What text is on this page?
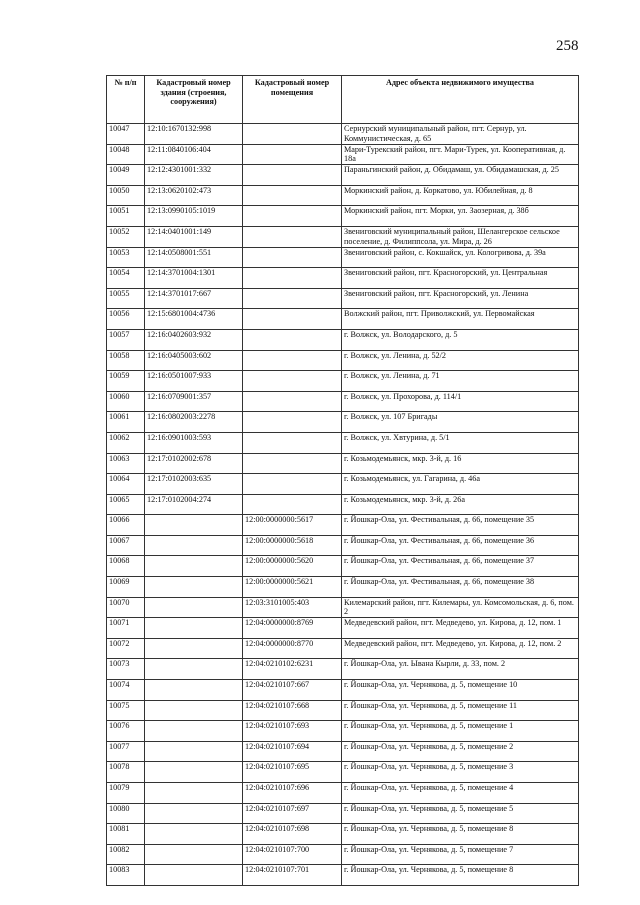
258
№ п/п	Кадастровый номер здания (строения, сооружения)	Кадастровый номер помещения	Адрес объекта недвижимого имущества
10047	12:10:1670132:998		Сернурский муниципальный район, пгт. Сернур, ул. Коммунистическая, д. 65
10048	12:11:0840106:404		Мари-Турекский район, пгт. Мари-Турек, ул. Кооперативная, д. 18а
10049	12:12:4301001:332		Параньгинский район, д. Обидамаш, ул. Обидамашская, д. 25
10050	12:13:0620102:473		Моркинский район, д. Коркатово, ул. Юбилейная, д. 8
10051	12:13:0990105:1019		Моркинский район, пгт. Морки, ул. Заозерная, д. 38б
10052	12:14:0401001:149		Звениговский муниципальный район, Шелангерское сельское поселение, д. Филиппсола, ул. Мира, д. 26
10053	12:14:0508001:551		Звениговский район, с. Кокшайск, ул. Кологривова, д. 39а
10054	12:14:3701004:1301		Звениговский район, пгт. Красногорский, ул. Центральная
10055	12:14:3701017:667		Звениговский район, пгт. Красногорский, ул. Ленина
10056	12:15:6801004:4736		Волжский район, пгт. Приволжский, ул. Первомайская
10057	12:16:0402603:932		г. Волжск, ул. Володарского, д. 5
10058	12:16:0405003:602		г. Волжск, ул. Ленина, д. 52/2
10059	12:16:0501007:933		г. Волжск, ул. Ленина, д. 71
10060	12:16:0709001:357		г. Волжск, ул. Прохорова, д. 114/1
10061	12:16:0802003:2278		г. Волжск, ул. 107 Бригады
10062	12:16:0901003:593		г. Волжск, ул. Хвтурина, д. 5/1
10063	12:17:0102002:678		г. Козьмодемьянск, мкр. 3-й, д. 16
10064	12:17:0102003:635		г. Козьмодемьянск, ул. Гагарина, д. 46а
10065	12:17:0102004:274		г. Козьмодемьянск, мкр. 3-й, д. 26а
10066		12:00:0000000:5617	г. Йошкар-Ола, ул. Фестивальная, д. 66, помещение 35
10067		12:00:0000000:5618	г. Йошкар-Ола, ул. Фестивальная, д. 66, помещение 36
10068		12:00:0000000:5620	г. Йошкар-Ола, ул. Фестивальная, д. 66, помещение 37
10069		12:00:0000000:5621	г. Йошкар-Ола, ул. Фестивальная, д. 66, помещение 38
10070		12:03:3101005:403	Килемарский район, пгт. Килемары, ул. Комсомольская, д. 6, пом. 2
10071		12:04:0000000:8769	Медведевский район, пгт. Медведево, ул. Кирова, д. 12, пом. 1
10072		12:04:0000000:8770	Медведевский район, пгт. Медведево, ул. Кирова, д. 12, пом. 2
10073		12:04:0210102:6231	г. Йошкар-Ола, ул. Ывана Кырли, д. 33, пом. 2
10074		12:04:0210107:667	г. Йошкар-Ола, ул. Чернякова, д. 5, помещение 10
10075		12:04:0210107:668	г. Йошкар-Ола, ул. Чернякова, д. 5, помещение 11
10076		12:04:0210107:693	г. Йошкар-Ола, ул. Чернякова, д. 5, помещение 1
10077		12:04:0210107:694	г. Йошкар-Ола, ул. Чернякова, д. 5, помещение 2
10078		12:04:0210107:695	г. Йошкар-Ола, ул. Чернякова, д. 5, помещение 3
10079		12:04:0210107:696	г. Йошкар-Ола, ул. Чернякова, д. 5, помещение 4
10080		12:04:0210107:697	г. Йошкар-Ола, ул. Чернякова, д. 5, помещение 5
10081		12:04:0210107:698	г. Йошкар-Ола, ул. Чернякова, д. 5, помещение 8
10082		12:04:0210107:700	г. Йошкар-Ола, ул. Чернякова, д. 5, помещение 7
10083		12:04:0210107:701	г. Йошкар-Ола, ул. Чернякова, д. 5, помещение 8
